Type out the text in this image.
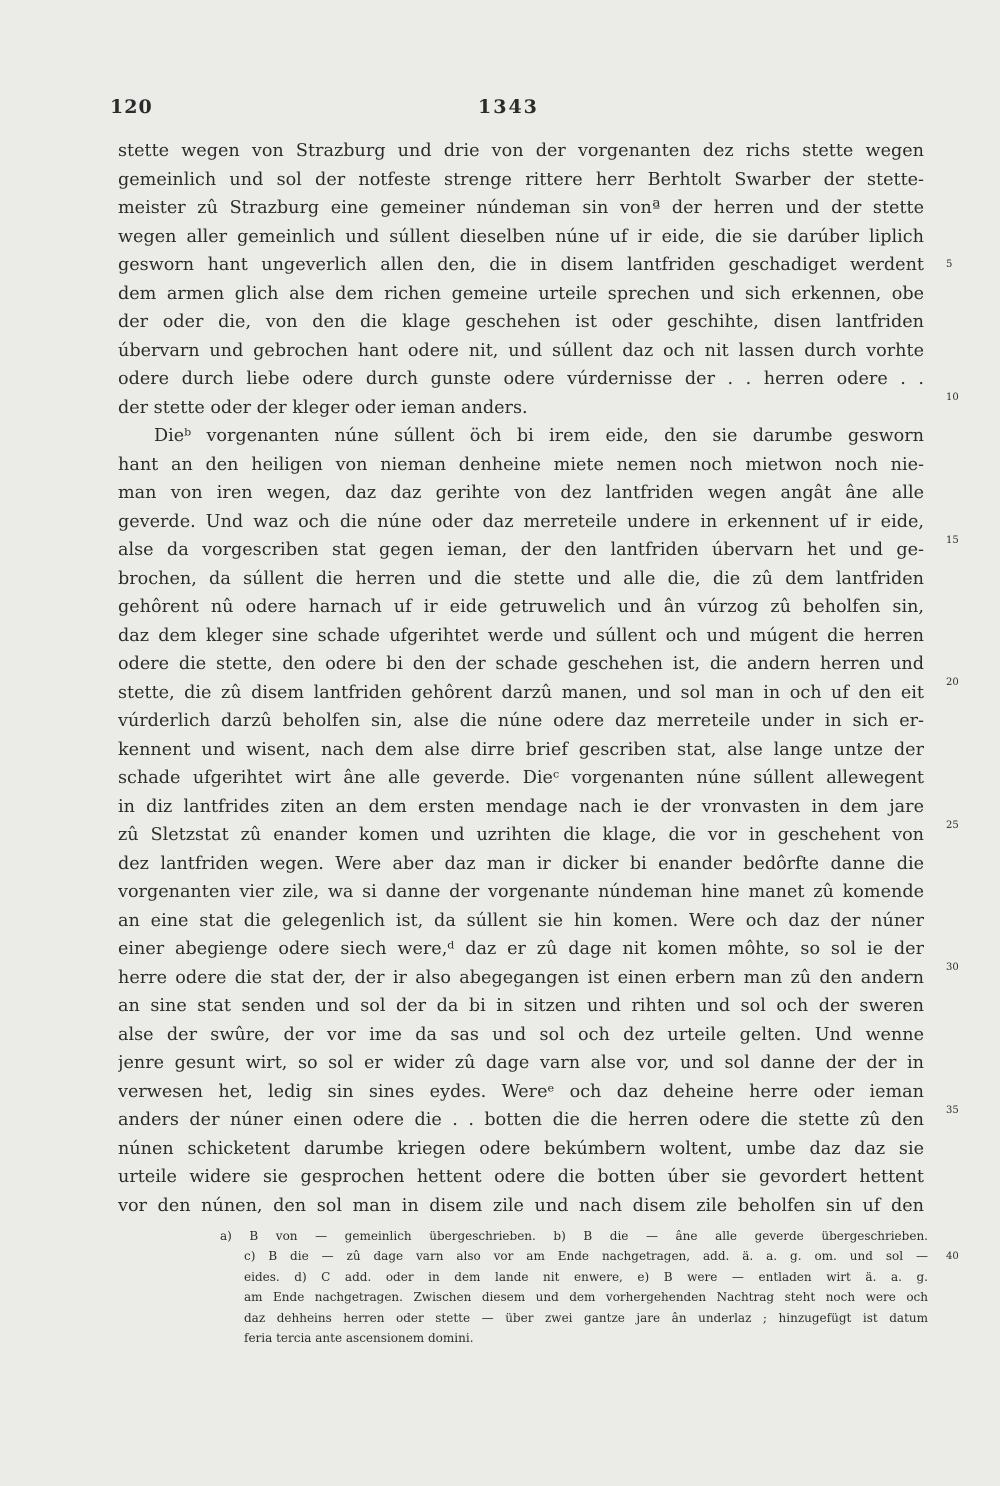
120	1343
stette wegen von Strazburg und drie von der vorgenanten dez richs stette wegen
gemeinlich und sol der notfeste strenge rittere herr Berhtolt Swarber der stette-
meister zû Strazburg eine gemeiner núndeman sin vonª der herren und der stette
wegen aller gemeinlich und súllent dieselben núne uf ir eide, die sie darúber liplich
gesworn hant ungeverlich allen den, die in disem lantfriden geschadiget werdent
dem armen glich alse dem richen gemeine urteile sprechen und sich erkennen, obe
der oder die, von den die klage geschehen ist oder geschihte, disen lantfriden
úbervarn und gebrochen hant odere nit, und súllent daz och nit lassen durch vorhte
odere durch liebe odere durch gunste odere vúrdernisse der . . herren odere . .
der stette oder der kleger oder ieman anders.
Dieᵇ vorgenanten núne súllent öch bi irem eide, den sie darumbe gesworn
hant an den heiligen von nieman denheine miete nemen noch mietwon noch nie-
man von iren wegen, daz daz gerihte von dez lantfriden wegen angât âne alle
geverde. Und waz och die núne oder daz merreteile undere in erkennent uf ir eide,
alse da vorgescriben stat gegen ieman, der den lantfriden úbervarn het und ge-
brochen, da súllent die herren und die stette und alle die, die zû dem lantfriden
gehôrent nû odere harnach uf ir eide getruwelich und ân vúrzog zû beholfen sin,
daz dem kleger sine schade ufgerihtet werde und súllent och und múgent die herren
odere die stette, den odere bi den der schade geschehen ist, die andern herren und
stette, die zû disem lantfriden gehôrent darzû manen, und sol man in och uf den eit
vúrderlich darzû beholfen sin, alse die núne odere daz merreteile under in sich er-
kennent und wisent, nach dem alse dirre brief gescriben stat, alse lange untze der
schade ufgerihtet wirt âne alle geverde. Dieᶜ vorgenanten núne súllent allewegent
in diz lantfrides ziten an dem ersten mendage nach ie der vronvasten in dem jare
zû Sletzstat zû enander komen und uzrihten die klage, die vor in geschehent von
dez lantfriden wegen. Were aber daz man ir dicker bi enander bedôrfte danne die
vorgenanten vier zile, wa si danne der vorgenante núndeman hine manet zû komende
an eine stat die gelegenlich ist, da súllent sie hin komen. Were och daz der núner
einer abegienge odere siech were,ᵈ daz er zû dage nit komen môhte, so sol ie der
herre odere die stat der, der ir also abegegangen ist einen erbern man zû den andern
an sine stat senden und sol der da bi in sitzen und rihten und sol och der sweren
alse der swûre, der vor ime da sas und sol och dez urteile gelten. Und wenne
jenre gesunt wirt, so sol er wider zû dage varn alse vor, und sol danne der der in
verwesen het, ledig sin sines eydes. Wereᵉ och daz deheine herre oder ieman
anders der núner einen odere die . . botten die die herren odere die stette zû den
núnen schicketent darumbe kriegen odere bekúmbern woltent, umbe daz daz sie
urteile widere sie gesprochen hettent odere die botten úber sie gevordert hettent
vor den núnen, den sol man in disem zile und nach disem zile beholfen sin uf den
5
10
15
20
25
30
35
a) B von — gemeinlich übergeschrieben. b) B die — âne alle geverde übergeschrieben.
c) B die — zû dage varn also vor am Ende nachgetragen, add. ä. a. g. om. und sol —
eides. d) C add. oder in dem lande nit enwere, e) B were — entladen wirt ä. a. g.
am Ende nachgetragen. Zwischen diesem und dem vorhergehenden Nachtrag steht noch were och
daz dehheins herren oder stette — über zwei gantze jare ân underlaz ; hinzugefügt ist datum
feria tercia ante ascensionem domini.
40
